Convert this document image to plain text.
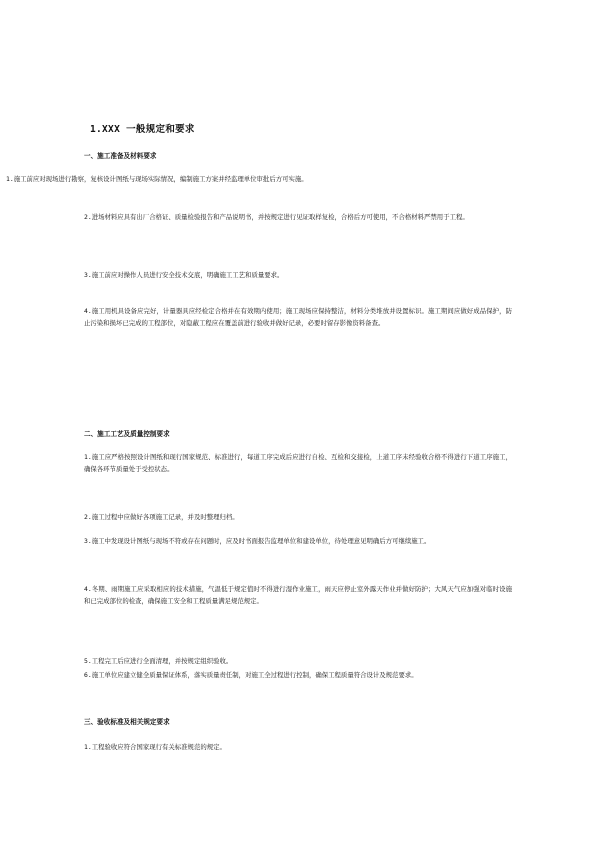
1.XXX 一般规定和要求
一、施工准备及材料要求
1.施工前应对现场进行勘察，复核设计图纸与现场实际情况，编制施工方案并经监理单位审批后方可实施。
2.进场材料应具有出厂合格证、质量检验报告和产品说明书，并按规定进行见证取样复检，合格后方可使用，不合格材料严禁用于工程。
3.施工前应对操作人员进行安全技术交底，明确施工工艺和质量要求。
4.施工用机具设备应完好，计量器具应经检定合格并在有效期内使用；施工现场应保持整洁，材料分类堆放并设置标识。施工期间应做好成品保护，防止污染和损坏已完成的工程部位，对隐蔽工程应在覆盖前进行验收并做好记录，必要时留存影像资料备查。
二、施工工艺及质量控制要求
1.施工应严格按照设计图纸和现行国家规范、标准进行，每道工序完成后应进行自检、互检和交接检，上道工序未经验收合格不得进行下道工序施工，确保各环节质量处于受控状态。
2.施工过程中应做好各项施工记录，并及时整理归档。
3.施工中发现设计图纸与现场不符或存在问题时，应及时书面报告监理单位和建设单位，待处理意见明确后方可继续施工。
4.冬期、雨期施工应采取相应的技术措施，气温低于规定值时不得进行湿作业施工，雨天应停止室外露天作业并做好防护；大风天气应加强对临时设施和已完成部位的检查，确保施工安全和工程质量满足规范规定。
5.工程完工后应进行全面清理，并按规定组织验收。
6.施工单位应建立健全质量保证体系，落实质量责任制，对施工全过程进行控制，确保工程质量符合设计及规范要求。
三、验收标准及相关规定要求
1.工程验收应符合国家现行有关标准规范的规定。
